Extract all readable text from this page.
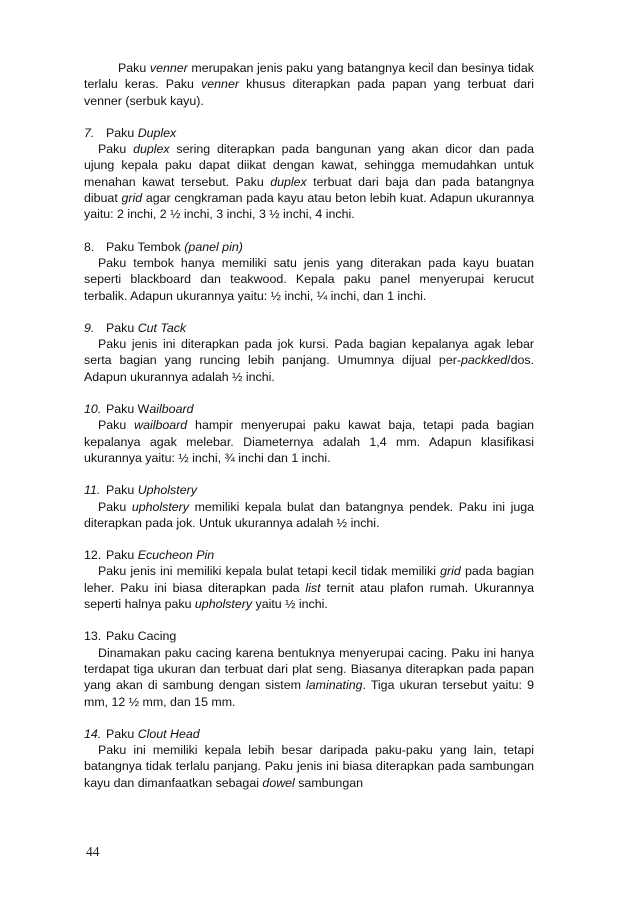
Paku venner merupakan jenis paku yang batangnya kecil dan besinya tidak terlalu keras. Paku venner khusus diterapkan pada papan yang terbuat dari venner (serbuk kayu).

7. Paku Duplex

Paku duplex sering diterapkan pada bangunan yang akan dicor dan pada ujung kepala paku dapat diikat dengan kawat, sehingga memudahkan untuk menahan kawat tersebut. Paku duplex terbuat dari baja dan pada batangnya dibuat grid agar cengkraman pada kayu atau beton lebih kuat. Adapun ukurannya yaitu: 2 inchi, 2 ½ inchi, 3 inchi, 3 ½ inchi, 4 inchi.

8. Paku Tembok (panel pin)

Paku tembok hanya memiliki satu jenis yang diterakan pada kayu buatan seperti blackboard dan teakwood. Kepala paku panel menyerupai kerucut terbalik. Adapun ukurannya yaitu: ½ inchi, ¼ inchi, dan 1 inchi.

9. Paku Cut Tack

Paku jenis ini diterapkan pada jok kursi. Pada bagian kepalanya agak lebar serta bagian yang runcing lebih panjang. Umumnya dijual per-packked/dos. Adapun ukurannya adalah ½ inchi.

10. Paku Wailboard

Paku wailboard hampir menyerupai paku kawat baja, tetapi pada bagian kepalanya agak melebar. Diameternya adalah 1,4 mm. Adapun klasifikasi ukurannya yaitu: ½ inchi, ¾ inchi dan 1 inchi.

11. Paku Upholstery

Paku upholstery memiliki kepala bulat dan batangnya pendek. Paku ini juga diterapkan pada jok. Untuk ukurannya adalah ½ inchi.

12. Paku Ecucheon Pin

Paku jenis ini memiliki kepala bulat tetapi kecil tidak memiliki grid pada bagian leher. Paku ini biasa diterapkan pada list ternit atau plafon rumah. Ukurannya seperti halnya paku upholstery yaitu ½ inchi.

13. Paku Cacing

Dinamakan paku cacing karena bentuknya menyerupai cacing. Paku ini hanya terdapat tiga ukuran dan terbuat dari plat seng. Biasanya diterapkan pada papan yang akan di sambung dengan sistem laminating. Tiga ukuran tersebut yaitu: 9 mm, 12 ½ mm, dan 15 mm.

14. Paku Clout Head

Paku ini memiliki kepala lebih besar daripada paku-paku yang lain, tetapi batangnya tidak terlalu panjang. Paku jenis ini biasa diterapkan pada sambungan kayu dan dimanfaatkan sebagai dowel sambungan

44
